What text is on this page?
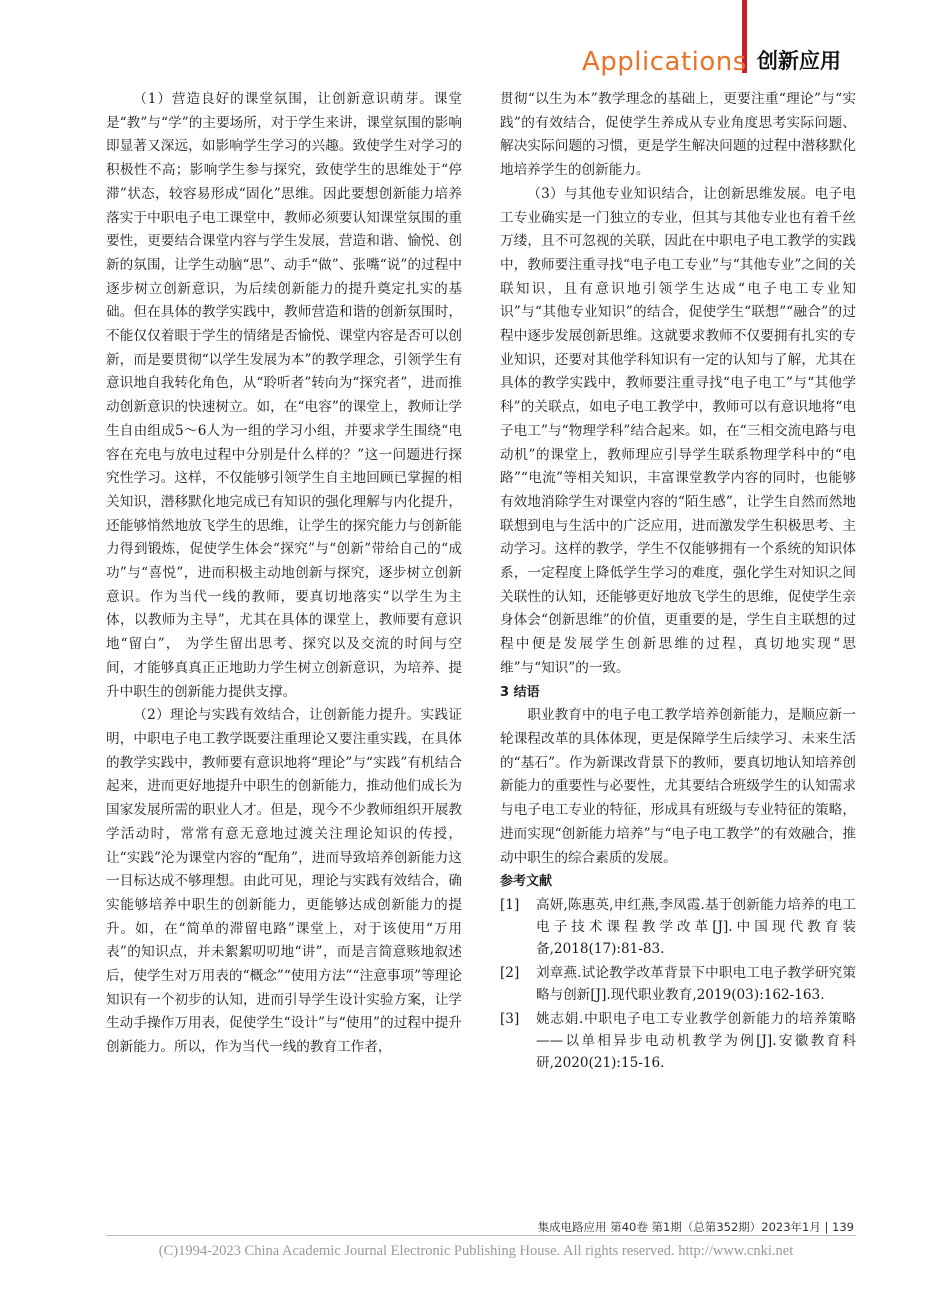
Applications 创新应用

（1）营造良好的课堂氛围，让创新意识萌芽。课堂是“教”与“学”的主要场所，对于学生来讲，课堂氛围的影响即显著又深远，如影响学生学习的兴趣。致使学生对学习的积极性不高；影响学生参与探究，致使学生的思维处于“停滞”状态，较容易形成“固化”思维。因此要想创新能力培养落实于中职电子电工课堂中，教师必须要认知课堂氛围的重要性，更要结合课堂内容与学生发展，营造和谐、愉悦、创新的氛围，让学生动脑“思”、动手“做”、张嘴“说”的过程中逐步树立创新意识，为后续创新能力的提升奠定扎实的基础。但在具体的教学实践中，教师营造和谐的创新氛围时，不能仅仅着眼于学生的情绪是否愉悦、课堂内容是否可以创新，而是要贯彻“以学生发展为本”的教学理念，引领学生有意识地自我转化角色，从“聆听者”转向为“探究者”，进而推动创新意识的快速树立。如，在“电容”的课堂上，教师让学生自由组成5～6人为一组的学习小组，并要求学生围绕“电容在充电与放电过程中分别是什么样的？”这一问题进行探究性学习。这样，不仅能够引领学生自主地回顾已掌握的相关知识，潜移默化地完成已有知识的强化理解与内化提升，还能够悄然地放飞学生的思维，让学生的探究能力与创新能力得到锻炼，促使学生体会“探究”与“创新”带给自己的“成功”与“喜悦”，进而积极主动地创新与探究，逐步树立创新意识。作为当代一线的教师，要真切地落实“以学生为主体，以教师为主导”，尤其在具体的课堂上，教师要有意识地“留白”， 为学生留出思考、探究以及交流的时间与空间，才能够真真正正地助力学生树立创新意识，为培养、提升中职生的创新能力提供支撑。

（2）理论与实践有效结合，让创新能力提升。实践证明，中职电子电工教学既要注重理论又要注重实践，在具体的教学实践中，教师要有意识地将“理论”与“实践”有机结合起来，进而更好地提升中职生的创新能力，推动他们成长为国家发展所需的职业人才。但是，现今不少教师组织开展教学活动时，常常有意无意地过渡关注理论知识的传授，让“实践”沦为课堂内容的“配角”，进而导致培养创新能力这一目标达成不够理想。由此可见，理论与实践有效结合，确实能够培养中职生的创新能力，更能够达成创新能力的提升。如，在“简单的滞留电路”课堂上，对于该使用“万用表”的知识点，并未絮絮叨叨地“讲”，而是言简意赅地叙述后，使学生对万用表的“概念”“使用方法”“注意事项”等理论知识有一个初步的认知，进而引导学生设计实验方案，让学生动手操作万用表，促使学生“设计”与“使用”的过程中提升创新能力。所以，作为当代一线的教育工作者，

贯彻“以生为本”教学理念的基础上，更要注重“理论”与“实践”的有效结合，促使学生养成从专业角度思考实际问题、解决实际问题的习惯，更是学生解决问题的过程中潜移默化地培养学生的创新能力。

（3）与其他专业知识结合，让创新思维发展。电子电工专业确实是一门独立的专业，但其与其他专业也有着千丝万缕，且不可忽视的关联，因此在中职电子电工教学的实践中，教师要注重寻找“电子电工专业”与“其他专业”之间的关联知识，且有意识地引领学生达成“电子电工专业知识”与“其他专业知识”的结合，促使学生“联想”“融合”的过程中逐步发展创新思维。这就要求教师不仅要拥有扎实的专业知识，还要对其他学科知识有一定的认知与了解，尤其在具体的教学实践中，教师要注重寻找“电子电工”与“其他学科”的关联点，如电子电工教学中，教师可以有意识地将“电子电工”与“物理学科”结合起来。如，在“三相交流电路与电动机”的课堂上，教师理应引导学生联系物理学科中的“电路”“电流”等相关知识，丰富课堂教学内容的同时，也能够有效地消除学生对课堂内容的“陌生感”，让学生自然而然地联想到电与生活中的广泛应用，进而激发学生积极思考、主动学习。这样的教学，学生不仅能够拥有一个系统的知识体系，一定程度上降低学生学习的难度，强化学生对知识之间关联性的认知，还能够更好地放飞学生的思维，促使学生亲身体会“创新思维”的价值，更重要的是，学生自主联想的过程中便是发展学生创新思维的过程，真切地实现“思维”与“知识”的一致。

3 结语

职业教育中的电子电工教学培养创新能力，是顺应新一轮课程改革的具体体现，更是保障学生后续学习、未来生活的“基石”。作为新课改背景下的教师，要真切地认知培养创新能力的重要性与必要性，尤其要结合班级学生的认知需求与电子电工专业的特征，形成具有班级与专业特征的策略，进而实现“创新能力培养”与“电子电工教学”的有效融合，推动中职生的综合素质的发展。

参考文献
[1] 高妍,陈惠英,申红燕,李凤霞.基于创新能力培养的电工电子技术课程教学改革[J].中国现代教育装备,2018(17):81-83.
[2] 刘章燕.试论教学改革背景下中职电工电子教学研究策略与创新[J].现代职业教育,2019(03):162-163.
[3] 姚志娟.中职电子电工专业教学创新能力的培养策略——以单相异步电动机教学为例[J].安徽教育科研,2020(21):15-16.
集成电路应用 第40卷 第1期（总第352期）2023年1月 | 139
(C)1994-2023 China Academic Journal Electronic Publishing House. All rights reserved. http://www.cnki.net
